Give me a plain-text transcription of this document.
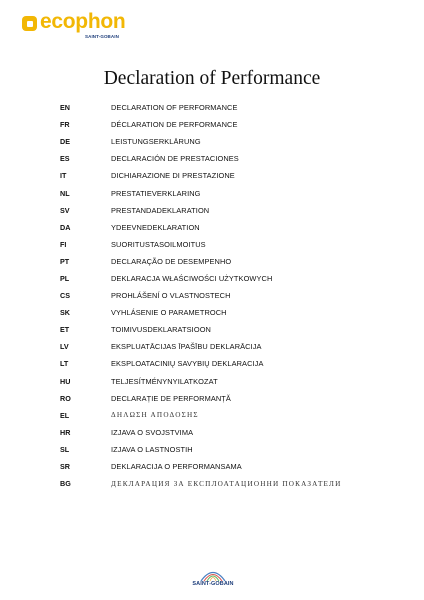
ecophon
SAINT-GOBAIN
Declaration of Performance
EN	DECLARATION OF PERFORMANCE
FR	DÉCLARATION DE PERFORMANCE
DE	LEISTUNGSERKLÄRUNG
ES	DECLARACIÓN DE PRESTACIONES
IT	DICHIARAZIONE DI PRESTAZIONE
NL	PRESTATIEVERKLARING
SV	PRESTANDADEKLARATION
DA	YDEEVNEDEKLARATION
FI	SUORITUSTASOILMOITUS
PT	DECLARAÇÃO DE DESEMPENHO
PL	DEKLARACJA WŁAŚCIWOŚCI UŻYTKOWYCH
CS	PROHLÁŠENÍ O VLASTNOSTECH
SK	VYHLÁSENIE O PARAMETROCH
ET	TOIMIVUSDEKLARATSIOON
LV	EKSPLUATĀCIJAS ĪPAŠĪBU DEKLARĀCIJA
LT	EKSPLOATACINIŲ SAVYBIŲ DEKLARACIJA
HU	TELJESÍTMÉNYNYILATKOZAT
RO	DECLARAȚIE DE PERFORMANȚĂ
EL	ΔΗΛΩΣΗ ΑΠΟΔΟΣΗΣ
HR	IZJAVA O SVOJSTVIMA
SL	IZJAVA O LASTNOSTIH
SR	DEKLARACIJA O PERFORMANSAMA
BG	ДЕКЛАРАЦИЯ ЗА ЕКСПЛОАТАЦИОННИ ПОКАЗАТЕЛИ
SAINT-GOBAIN
